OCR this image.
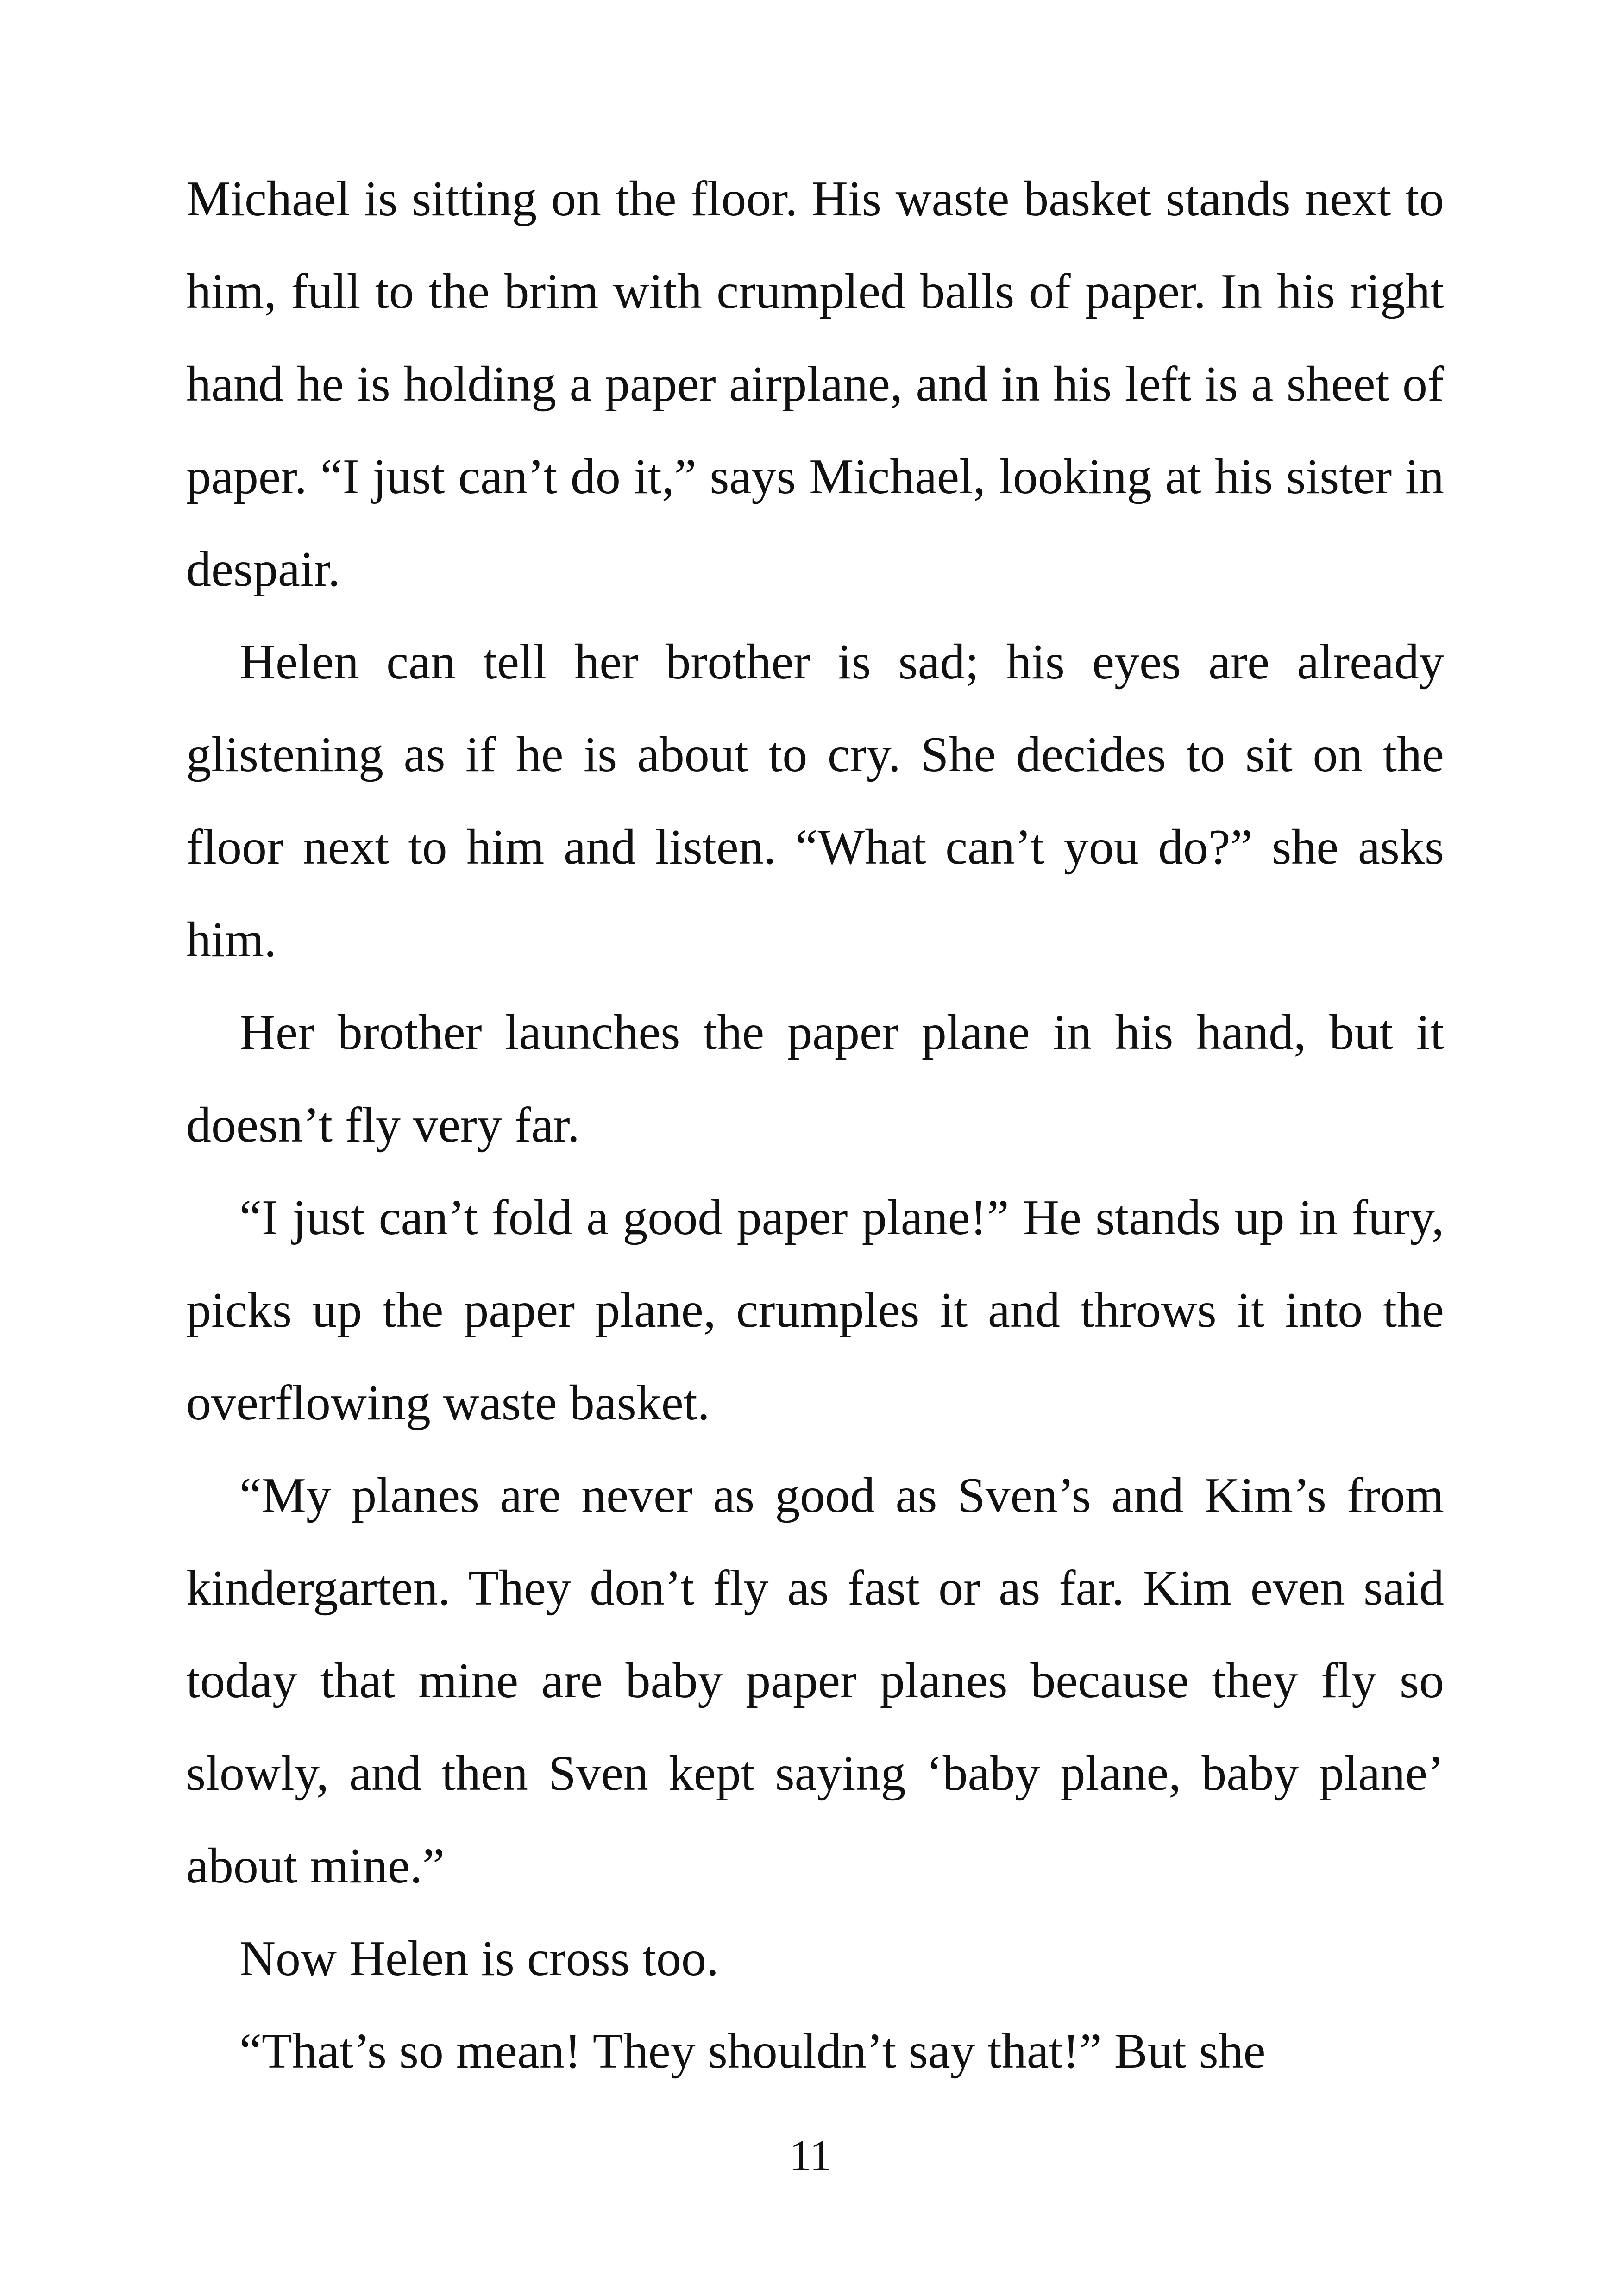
Michael is sitting on the floor. His waste basket stands next to him, full to the brim with crumpled balls of paper. In his right hand he is holding a paper airplane, and in his left is a sheet of paper. “I just can’t do it,” says Michael, looking at his sister in despair.

Helen can tell her brother is sad; his eyes are already glistening as if he is about to cry. She decides to sit on the floor next to him and listen. “What can’t you do?” she asks him.

Her brother launches the paper plane in his hand, but it doesn’t fly very far.

“I just can’t fold a good paper plane!” He stands up in fury, picks up the paper plane, crumples it and throws it into the overflowing waste basket.

“My planes are never as good as Sven’s and Kim’s from kindergarten. They don’t fly as fast or as far. Kim even said today that mine are baby paper planes because they fly so slowly, and then Sven kept saying ‘baby plane, baby plane’ about mine.”

Now Helen is cross too.

“That’s so mean! They shouldn’t say that!” But she

11
